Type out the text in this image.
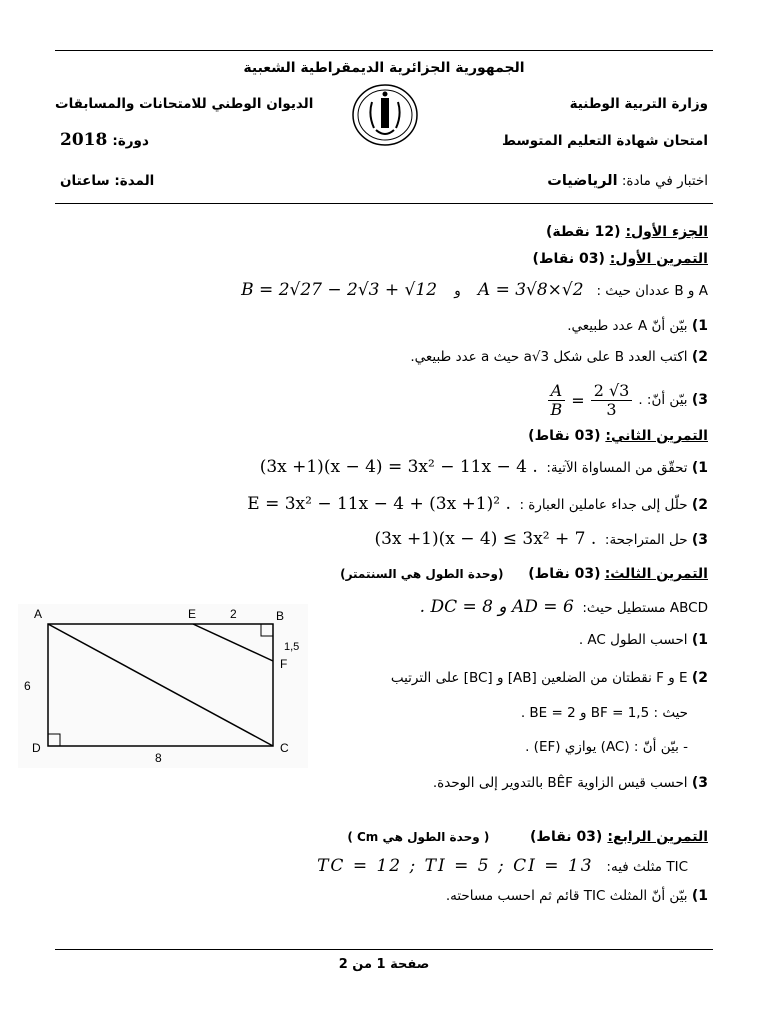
الجمهورية الجزائرية الديمقراطية الشعبية
وزارة التربية الوطنية
الديوان الوطني للامتحانات والمسابقات
امتحان شهادة التعليم المتوسط
دورة: 2018
اختبار في مادة: الرياضيات
المدة: ساعتان
الجزء الأول: (12 نقطة)
التمرين الأول: (03 نقاط)
A و B عددان حيث :   A = 3√8×√2    و    B = 2√27 − 2√3 + √12
1) بيّن أنّ A عدد طبيعي.
2) اكتب العدد B على شكل a√3 حيث a عدد طبيعي.
3)

بيّن أنّ:

$\frac{A}{B} = \frac{2 √3}{3}$ .
التمرين الثاني: (03 نقاط)
1) تحقّق من المساواة الآتية:  (3x +1)(x − 4) = 3x² − 11x − 4 .
2) حلّل إلى جداء عاملين العبارة :  E = 3x² − 11x − 4 + (3x +1)² .
3) حل المتراجحة:  (3x +1)(x − 4) ≤ 3x² + 7 .
التمرين الثالث: (03 نقاط)      (وحدة الطول هي السنتمتر)
ABCD مستطيل حيث:  AD = 6 و DC = 8 .
1) احسب الطول AC .
2) E و F نقطتان من الضلعين [AB] و [BC] على الترتيب
حيث : BF = 1,5 و BE = 2 .
- بيّن أنّ : (AC) يوازي (EF) .
3) احسب قيس الزاوية BÊF بالتدوير إلى الوحدة.
A	E	B
F
C
D
2
1,5
6
8
التمرين الرابع: (03 نقاط)        ( وحدة الطول هي Cm )
TIC مثلث فيه:   TC = 12 ; TI = 5 ; CI = 13
1) بيّن أنّ المثلث TIC قائم ثم احسب مساحته.
صفحة 1 من 2
